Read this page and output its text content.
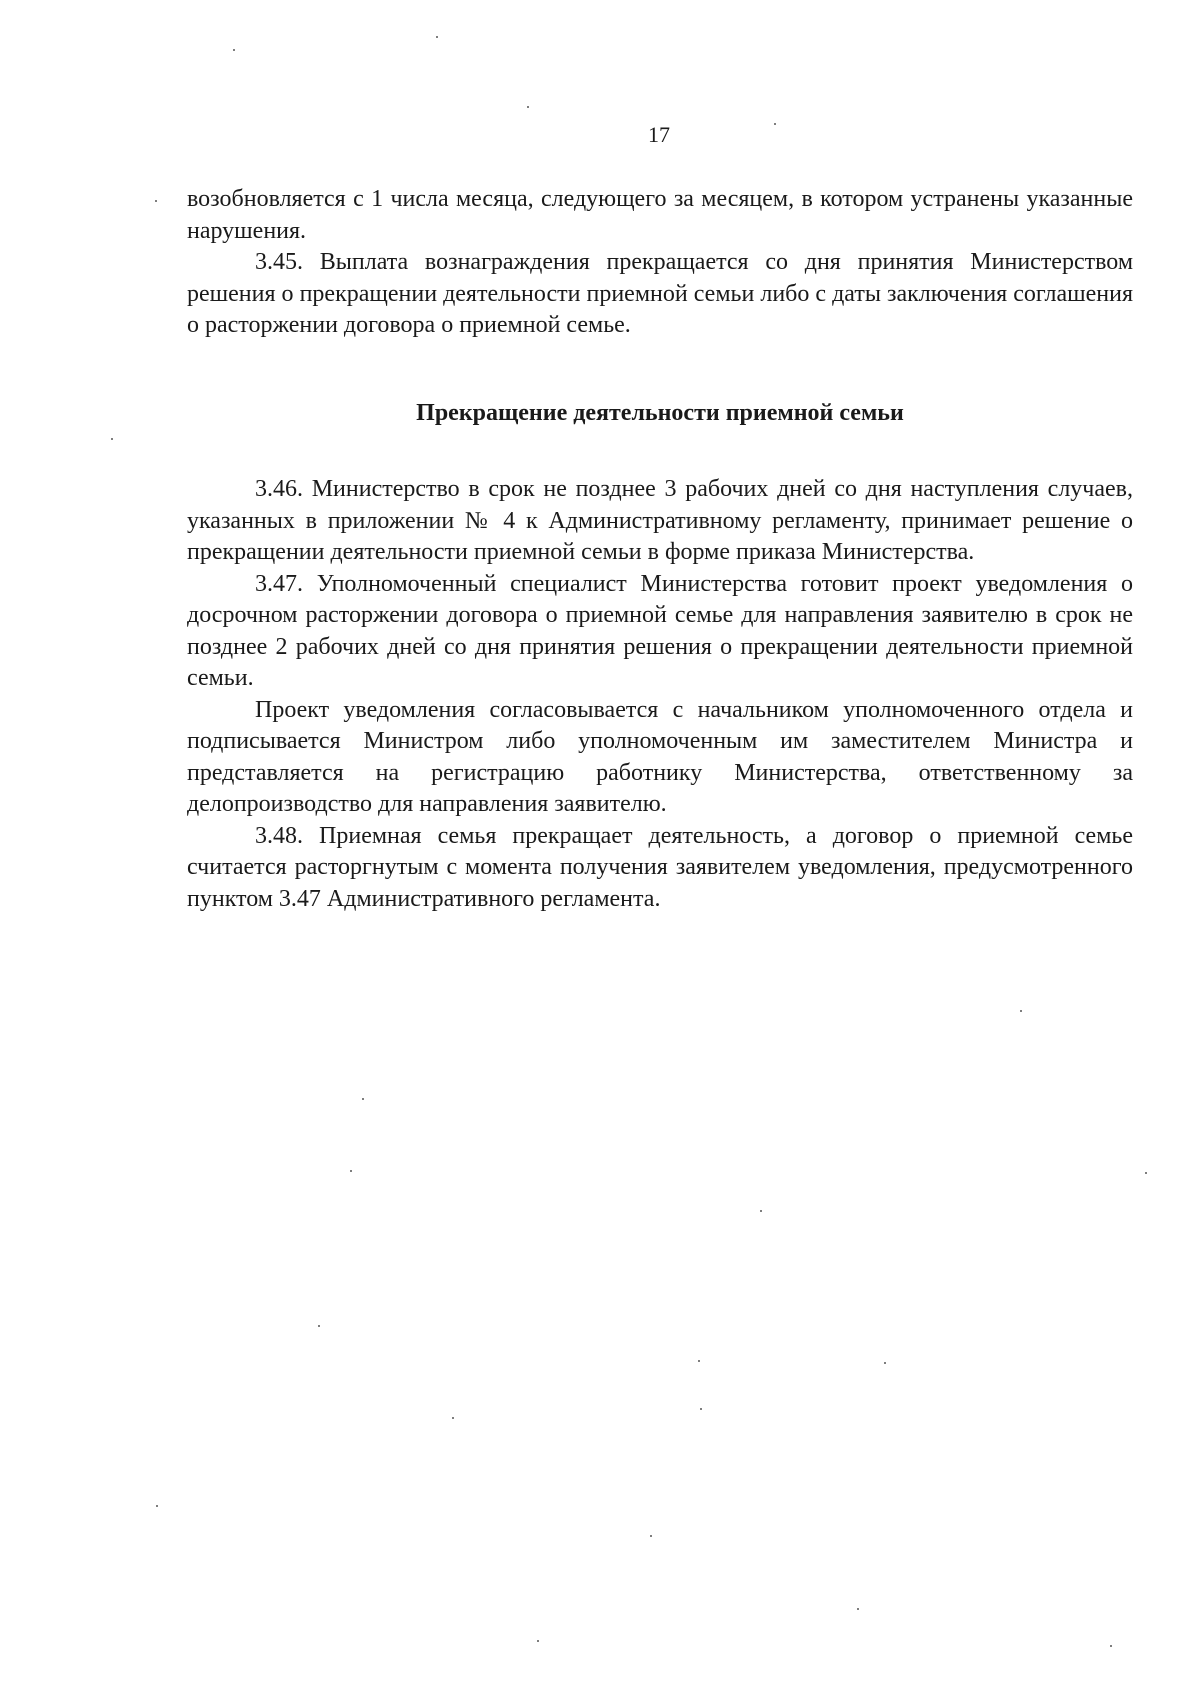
17

возобновляется с 1 числа месяца, следующего за месяцем, в котором устранены указанные нарушения.

3.45. Выплата вознаграждения прекращается со дня принятия Министерством решения о прекращении деятельности приемной семьи либо с даты заключения соглашения о расторжении договора о приемной семье.

Прекращение деятельности приемной семьи

3.46. Министерство в срок не позднее 3 рабочих дней со дня наступления случаев, указанных в приложении № 4 к Административному регламенту, принимает решение о прекращении деятельности приемной семьи в форме приказа Министерства.

3.47. Уполномоченный специалист Министерства готовит проект уведомления о досрочном расторжении договора о приемной семье для направления заявителю в срок не позднее 2 рабочих дней со дня принятия решения о прекращении деятельности приемной семьи.

Проект уведомления согласовывается с начальником уполномоченного отдела и подписывается Министром либо уполномоченным им заместителем Министра и представляется на регистрацию работнику Министерства, ответственному за делопроизводство для направления заявителю.

3.48. Приемная семья прекращает деятельность, а договор о приемной семье считается расторгнутым с момента получения заявителем уведомления, предусмотренного пунктом 3.47 Административного регламента.
